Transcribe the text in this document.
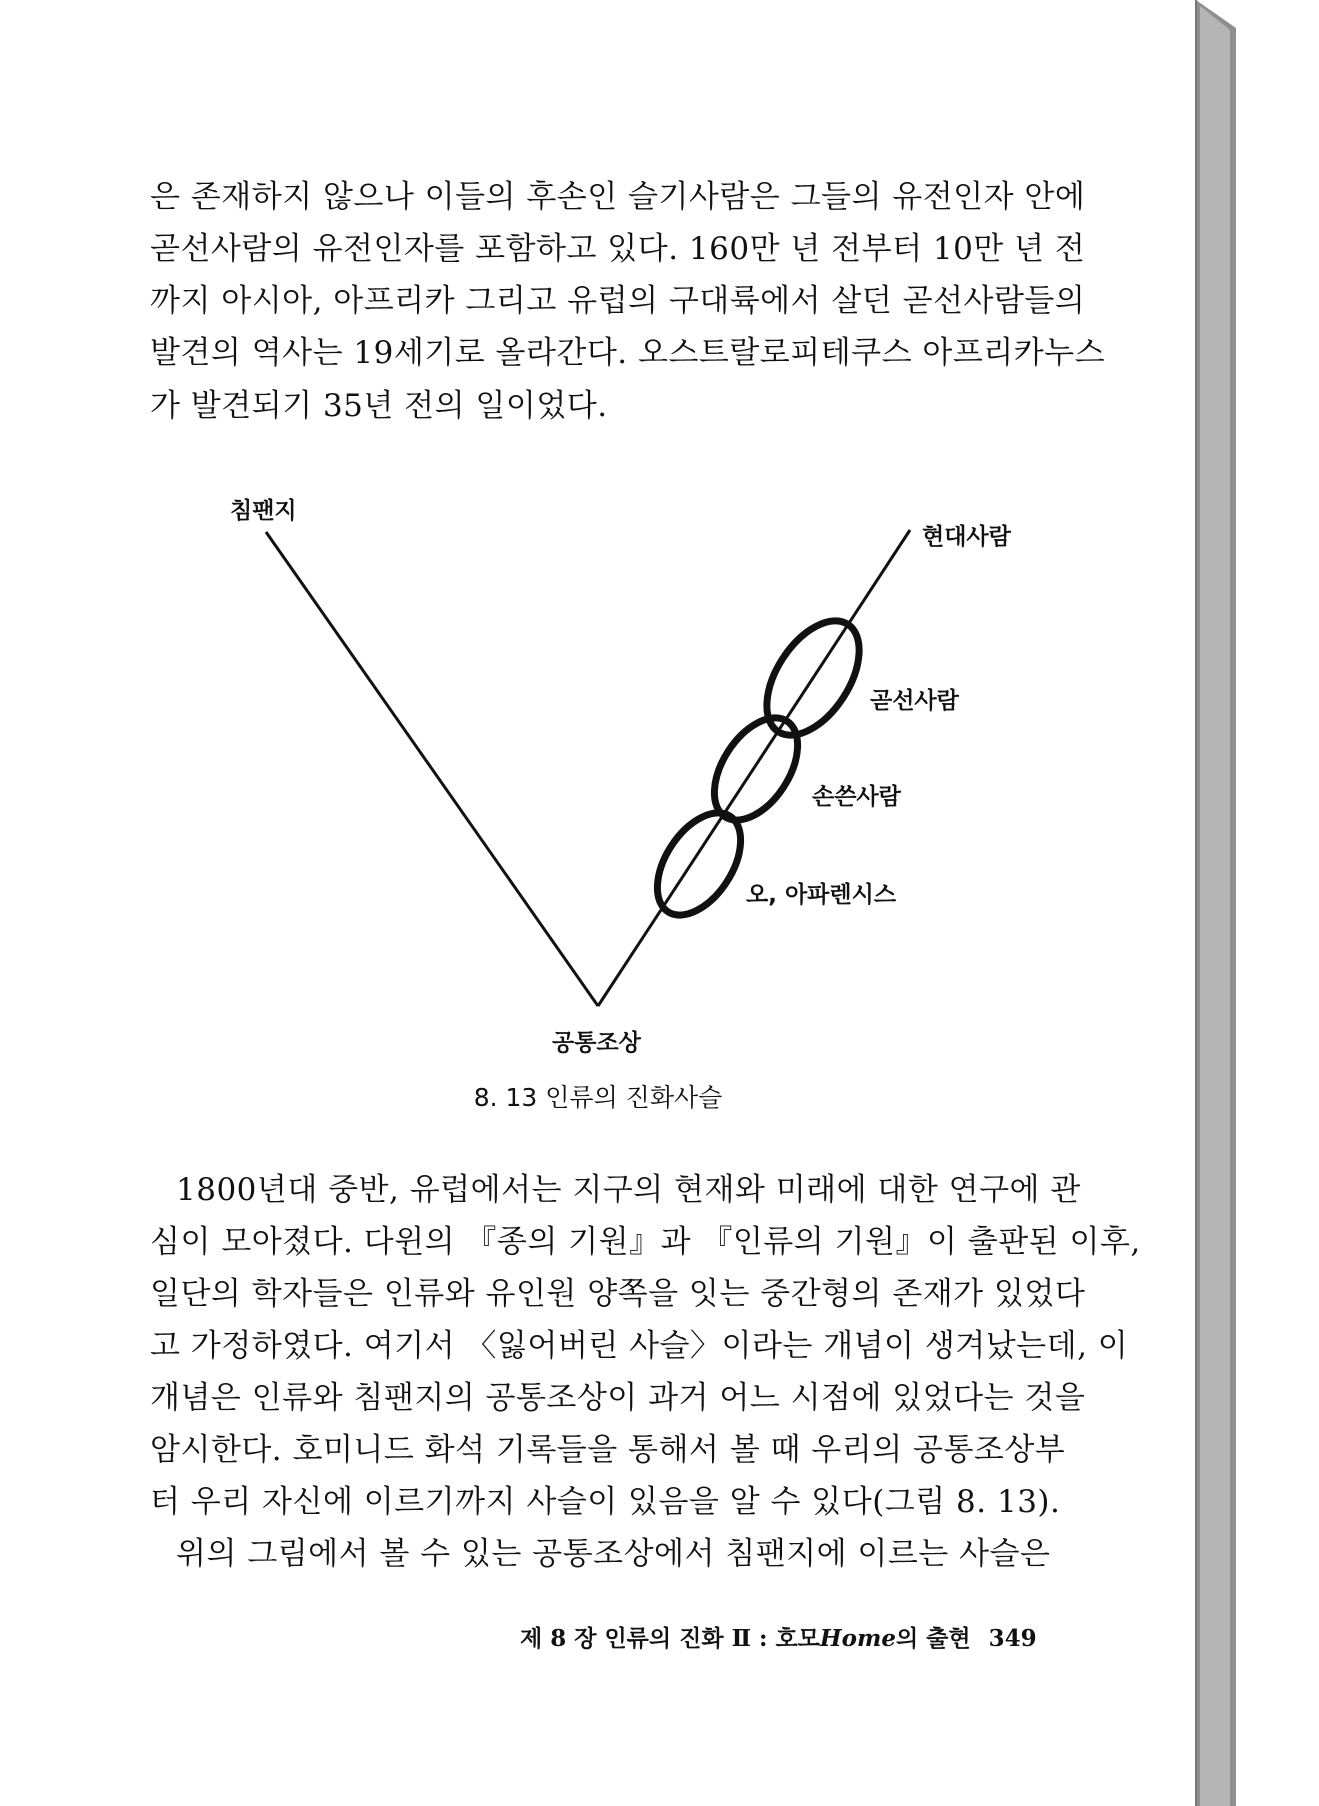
은 존재하지 않으나 이들의 후손인 슬기사람은 그들의 유전인자 안에
곧선사람의 유전인자를 포함하고 있다. 160만 년 전부터 10만 년 전
까지 아시아, 아프리카 그리고 유럽의 구대륙에서 살던 곧선사람들의
발견의 역사는 19세기로 올라간다. 오스트랄로피테쿠스 아프리카누스
가 발견되기 35년 전의 일이었다.
침팬지
현대사람
곧선사람
손쓴사람
오, 아파렌시스
공통조상
8. 13 인류의 진화사슬
1800년대 중반, 유럽에서는 지구의 현재와 미래에 대한 연구에 관
심이 모아졌다. 다윈의 『종의 기원』과 『인류의 기원』이 출판된 이후,
일단의 학자들은 인류와 유인원 양쪽을 잇는 중간형의 존재가 있었다
고 가정하였다. 여기서 〈잃어버린 사슬〉이라는 개념이 생겨났는데, 이
개념은 인류와 침팬지의 공통조상이 과거 어느 시점에 있었다는 것을
암시한다. 호미니드 화석 기록들을 통해서 볼 때 우리의 공통조상부
터 우리 자신에 이르기까지 사슬이 있음을 알 수 있다(그림 8. 13).
위의 그림에서 볼 수 있는 공통조상에서 침팬지에 이르는 사슬은
제 8 장 인류의 진화 Ⅱ : 호모Home의 출현 349
